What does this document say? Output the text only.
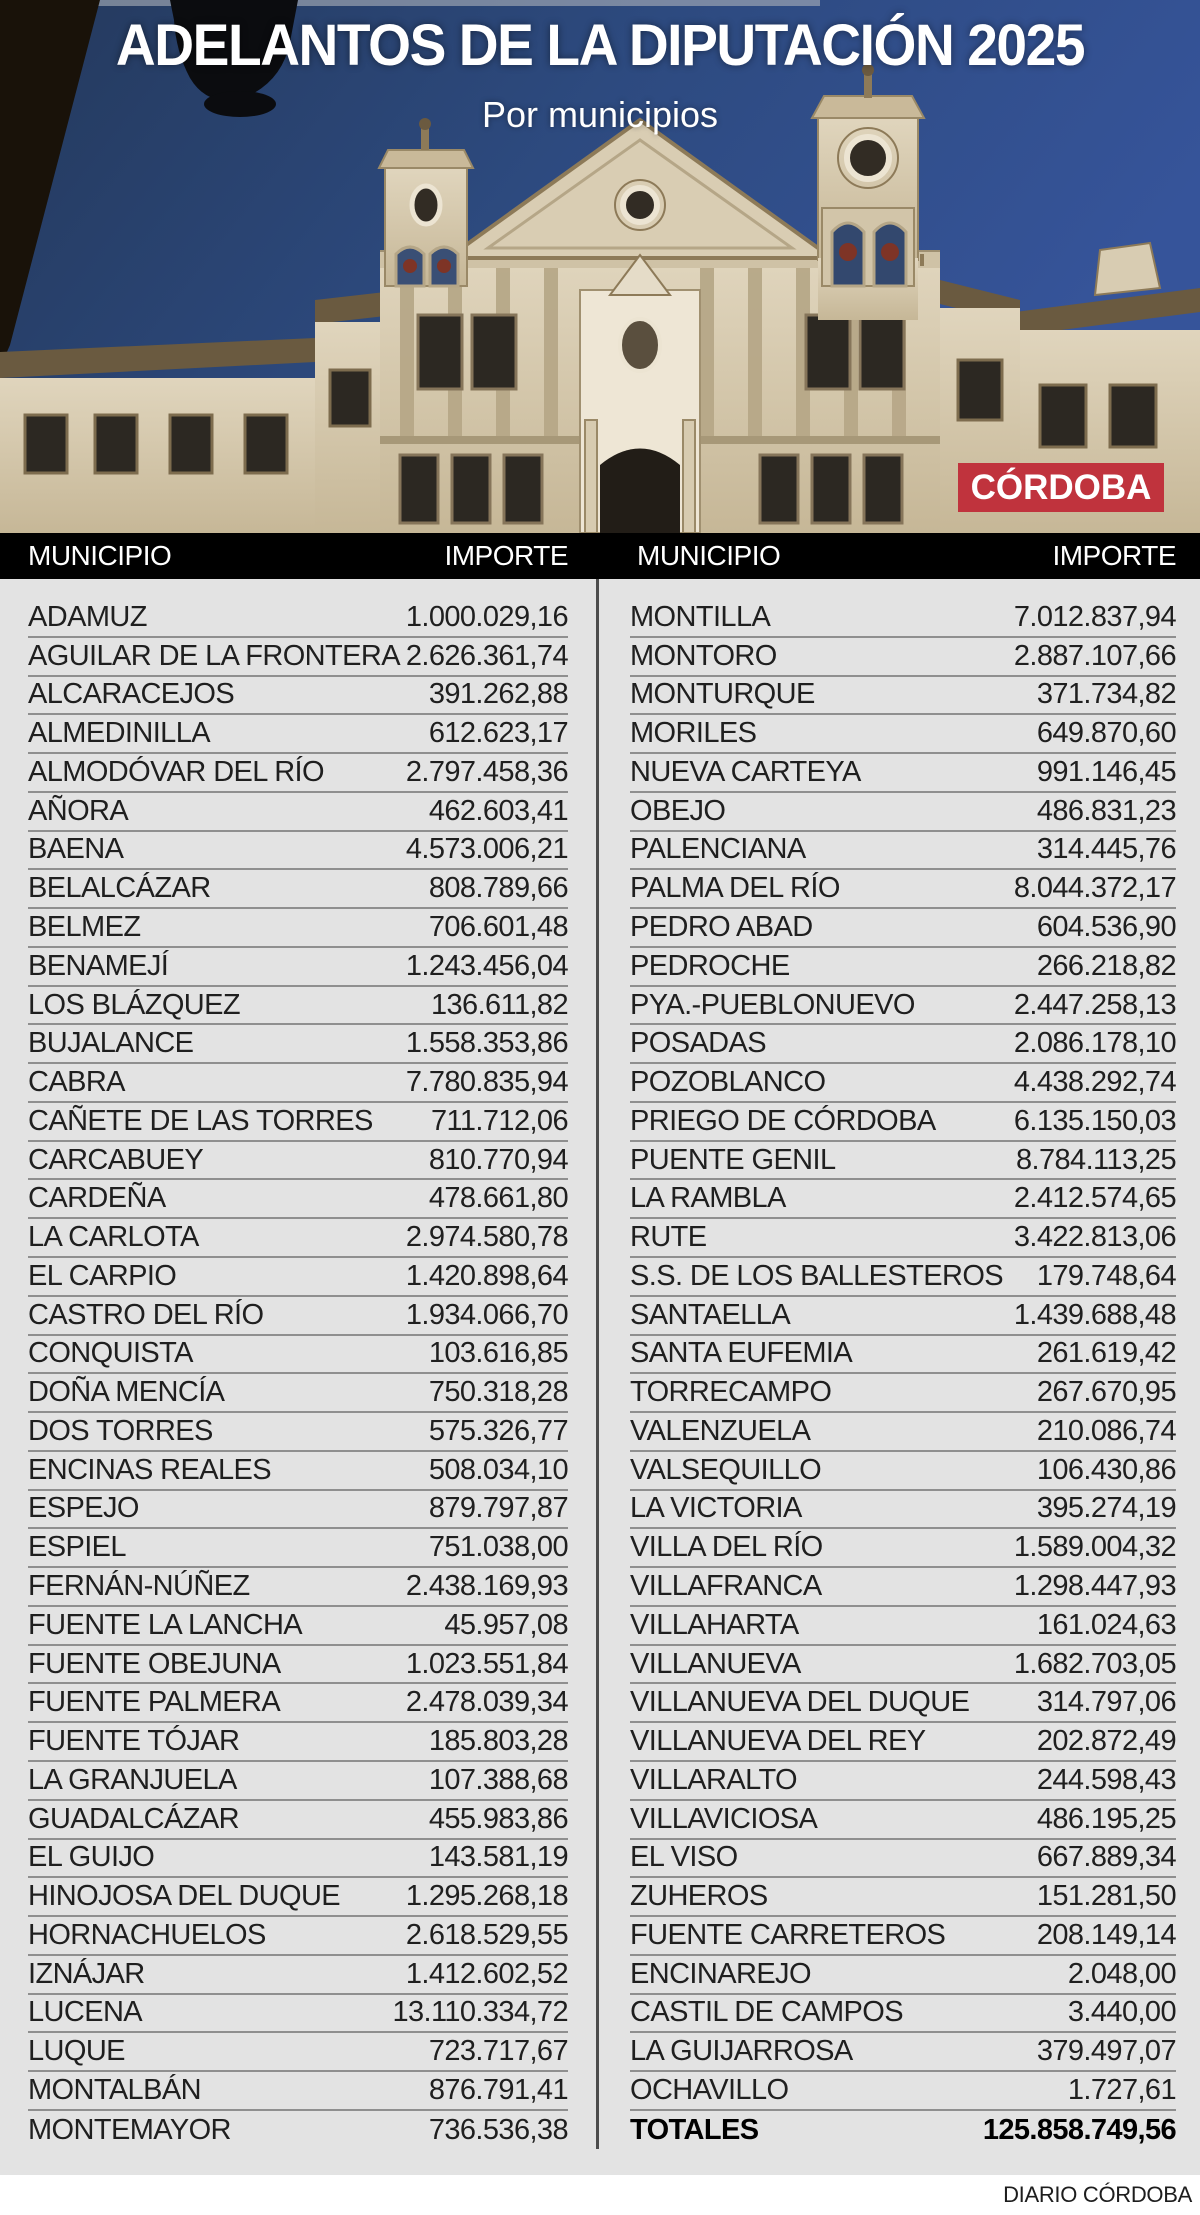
ADELANTOS DE LA DIPUTACIÓN 2025
Por municipios
CÓRDOBA
MUNICIPIO	IMPORTE MUNICIPIO	IMPORTE
ADAMUZ	1.000.029,16
AGUILAR DE LA FRONTERA 2.626.361,74
ALCARACEJOS	391.262,88
ALMEDINILLA	612.623,17
ALMODÓVAR DEL RÍO	2.797.458,36
AÑORA	462.603,41
BAENA	4.573.006,21
BELALCÁZAR	808.789,66
BELMEZ	706.601,48
BENAMEJÍ	1.243.456,04
LOS BLÁZQUEZ	136.611,82
BUJALANCE	1.558.353,86
CABRA	7.780.835,94
CAÑETE DE LAS TORRES 711.712,06
CARCABUEY	810.770,94
CARDEÑA	478.661,80
LA CARLOTA	2.974.580,78
EL CARPIO	1.420.898,64
CASTRO DEL RÍO	1.934.066,70
CONQUISTA	103.616,85
DOÑA MENCÍA	750.318,28
DOS TORRES	575.326,77
ENCINAS REALES	508.034,10
ESPEJO	879.797,87
ESPIEL	751.038,00
FERNÁN-NÚÑEZ	2.438.169,93
FUENTE LA LANCHA	45.957,08
FUENTE OBEJUNA	1.023.551,84
FUENTE PALMERA	2.478.039,34
FUENTE TÓJAR	185.803,28
LA GRANJUELA	107.388,68
GUADALCÁZAR	455.983,86
EL GUIJO	143.581,19
HINOJOSA DEL DUQUE 1.295.268,18
HORNACHUELOS	2.618.529,55
IZNÁJAR	1.412.602,52
LUCENA	13.110.334,72
LUQUE	723.717,67
MONTALBÁN	876.791,41
MONTEMAYOR	736.536,38
MONTILLA	7.012.837,94
MONTORO	2.887.107,66
MONTURQUE	371.734,82
MORILES	649.870,60
NUEVA CARTEYA	991.146,45
OBEJO	486.831,23
PALENCIANA	314.445,76
PALMA DEL RÍO	8.044.372,17
PEDRO ABAD	604.536,90
PEDROCHE	266.218,82
PYA.-PUEBLONUEVO	2.447.258,13
POSADAS	2.086.178,10
POZOBLANCO	4.438.292,74
PRIEGO DE CÓRDOBA	6.135.150,03
PUENTE GENIL	8.784.113,25
LA RAMBLA	2.412.574,65
RUTE	3.422.813,06
S.S. DE LOS BALLESTEROS 179.748,64
SANTAELLA	1.439.688,48
SANTA EUFEMIA	261.619,42
TORRECAMPO	267.670,95
VALENZUELA	210.086,74
VALSEQUILLO	106.430,86
LA VICTORIA	395.274,19
VILLA DEL RÍO	1.589.004,32
VILLAFRANCA	1.298.447,93
VILLAHARTA	161.024,63
VILLANUEVA	1.682.703,05
VILLANUEVA DEL DUQUE 314.797,06
VILLANUEVA DEL REY	202.872,49
VILLARALTO	244.598,43
VILLAVICIOSA	486.195,25
EL VISO	667.889,34
ZUHEROS	151.281,50
FUENTE CARRETEROS	208.149,14
ENCINAREJO	2.048,00
CASTIL DE CAMPOS	3.440,00
LA GUIJARROSA	379.497,07
OCHAVILLO	1.727,61
TOTALES	125.858.749,56
DIARIO CÓRDOBA
